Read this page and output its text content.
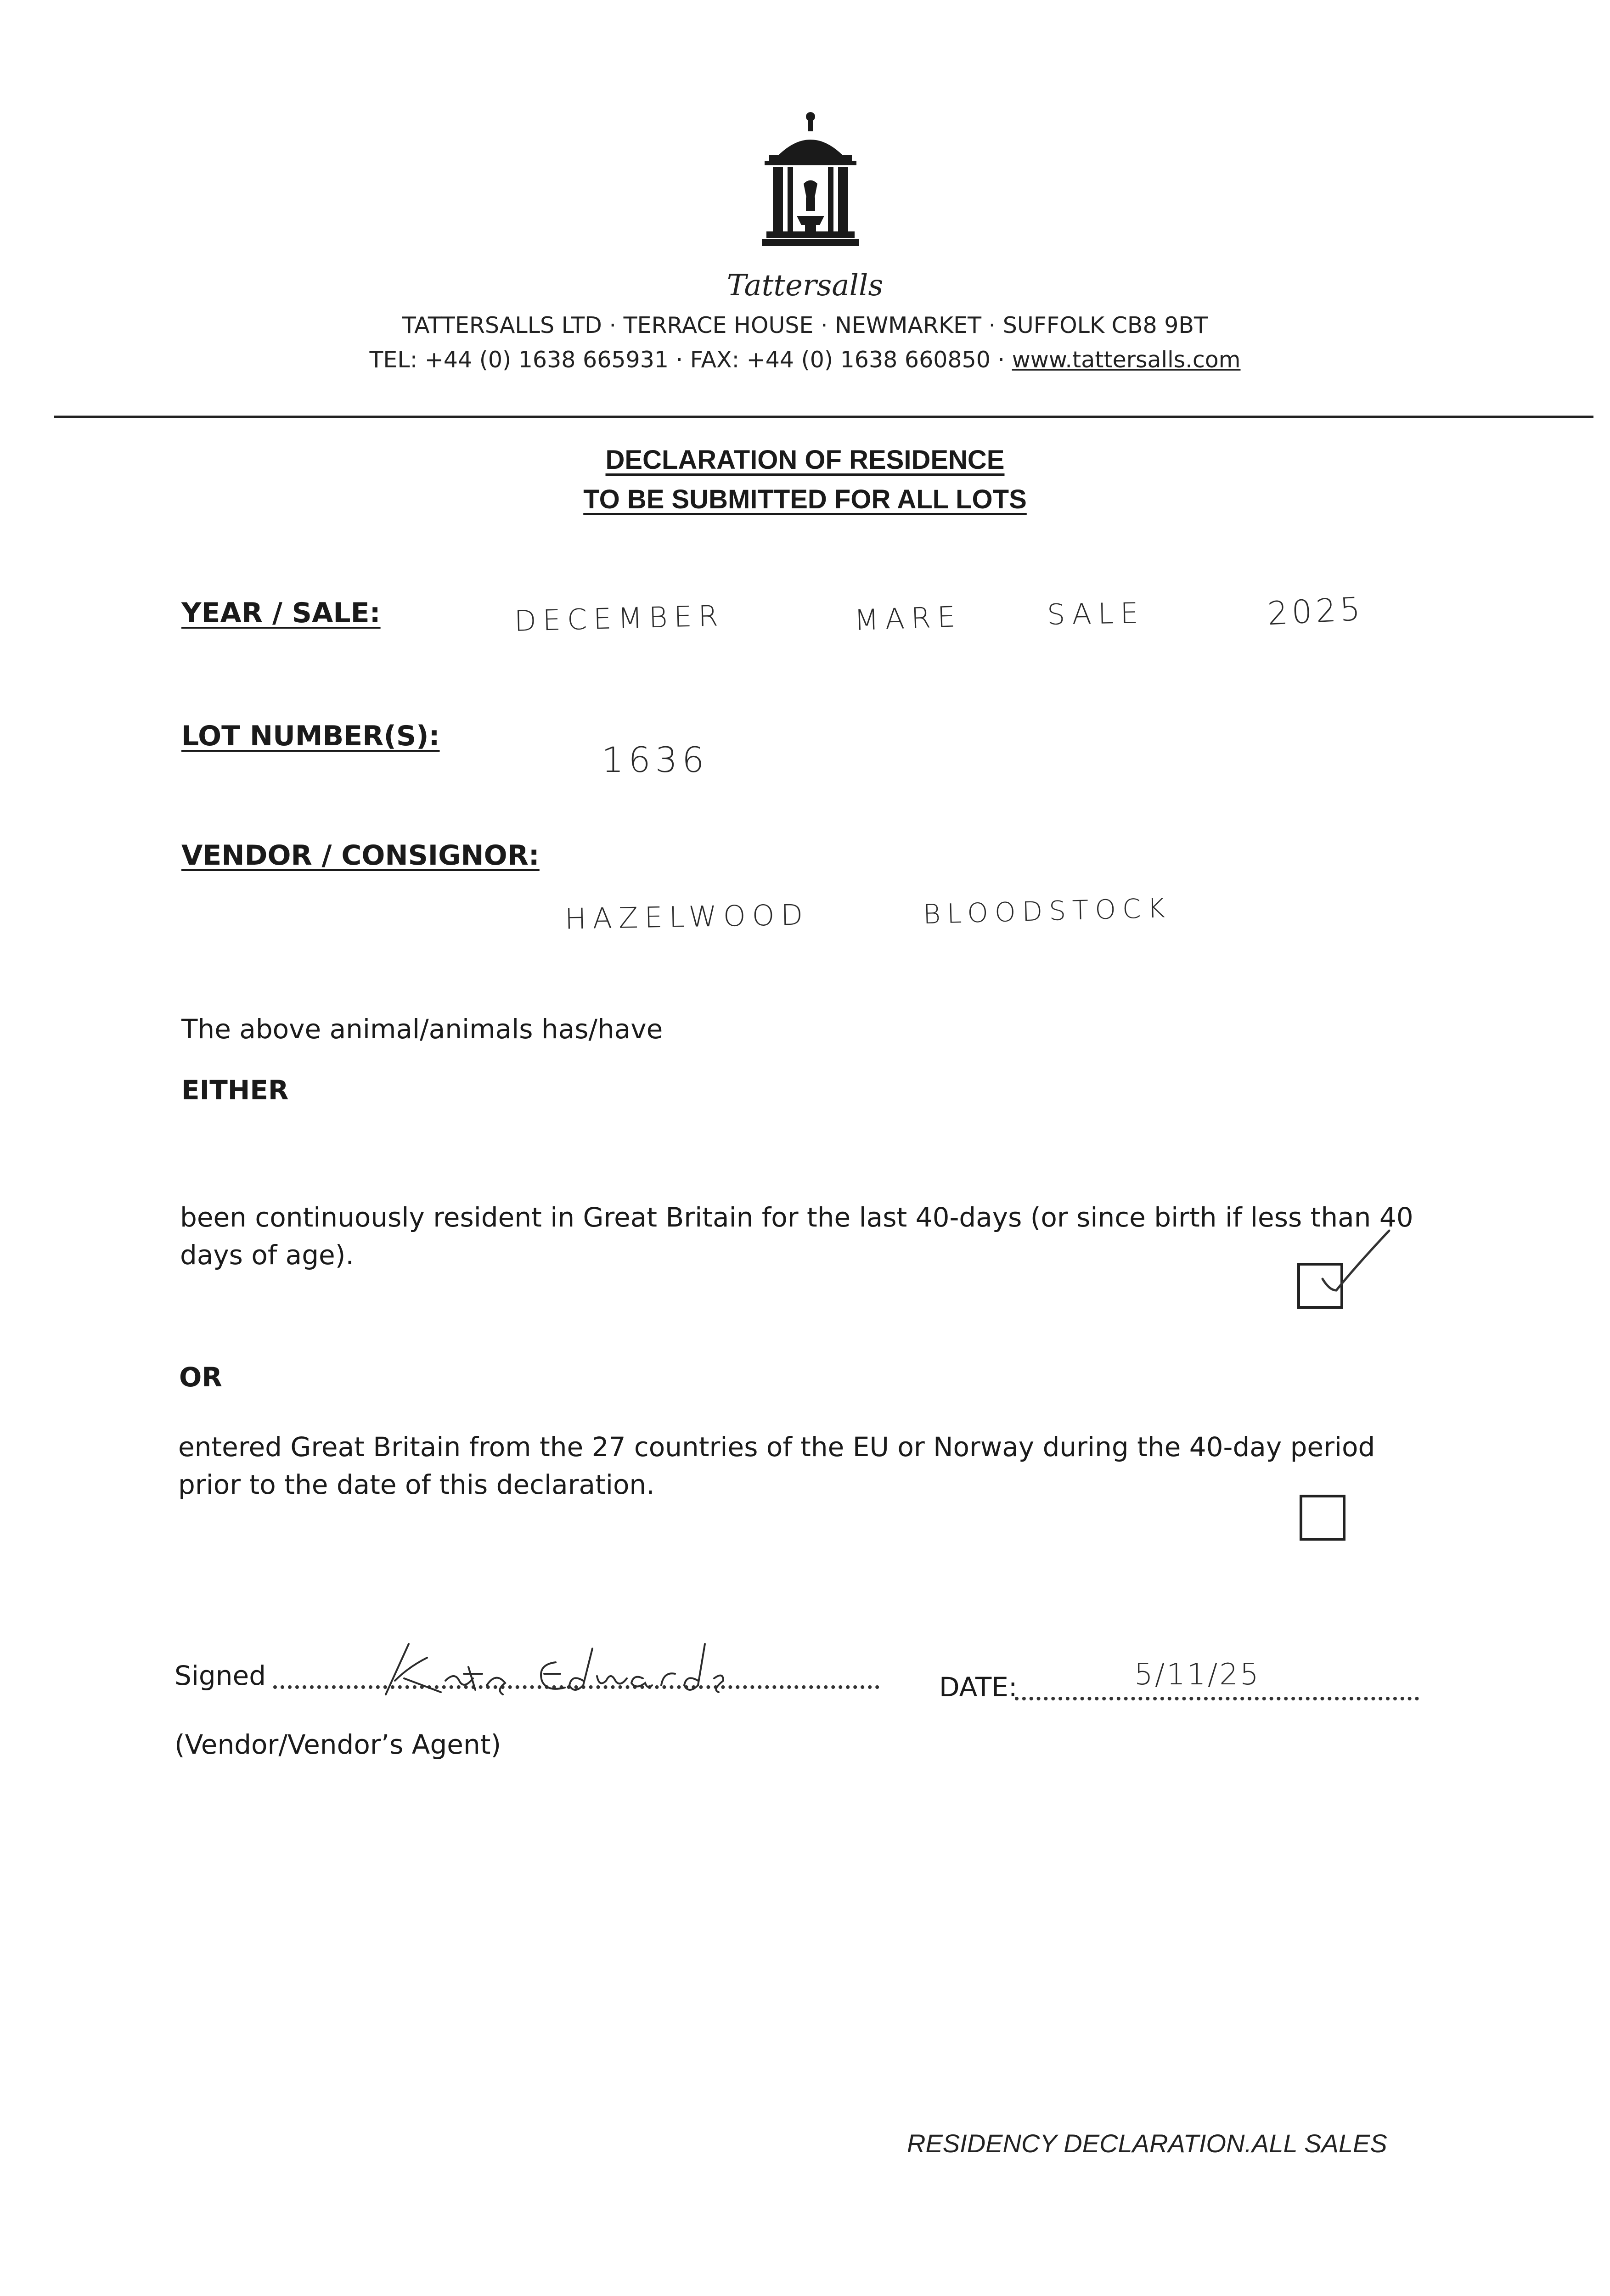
Tattersalls
TATTERSALLS LTD · TERRACE HOUSE · NEWMARKET · SUFFOLK CB8 9BT
TEL: +44 (0) 1638 665931 · FAX: +44 (0) 1638 660850 · www.tattersalls.com
DECLARATION OF RESIDENCE
TO BE SUBMITTED FOR ALL LOTS
YEAR / SALE:	DECEMBER	MARE	SALE	2025
LOT NUMBER(S):
1636
VENDOR / CONSIGNOR:
HAZELWOOD	BLOODSTOCK
The above animal/animals has/have
EITHER
been continuously resident in Great Britain for the last 40-days (or since birth if less than 40 days of age).
OR
entered Great Britain from the 27 countries of the EU or Norway during the 40-day period prior to the date of this declaration.
Signed	DATE:	5/11/25
(Vendor/Vendor’s Agent)
RESIDENCY DECLARATION.ALL SALES
